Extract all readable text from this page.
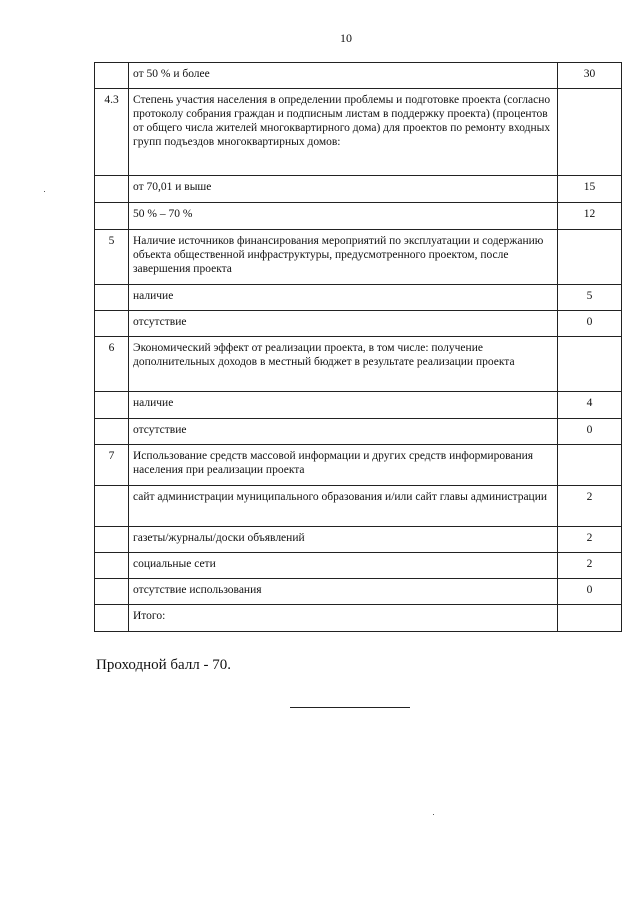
10
	от 50 % и более	30
4.3	Степень участия населения в определении проблемы и подготовке проекта (согласно протоколу собрания граждан и подписным листам в поддержку проекта) (процентов от общего числа жителей многоквартирного дома) для проектов по ремонту входных групп подъездов многоквартирных домов:	
	от 70,01 и выше	15
	50 % – 70 %	12
5	Наличие источников финансирования мероприятий по эксплуатации и содержанию объекта общественной инфраструктуры, предусмотренного проектом, после завершения проекта	
	наличие	5
	отсутствие	0
6	Экономический эффект от реализации проекта, в том числе: получение дополнительных доходов в местный бюджет в результате реализации проекта	
	наличие	4
	отсутствие	0
7	Использование средств массовой информации и других средств информирования населения при реализации проекта	
	сайт администрации муниципального образования и/или сайт главы администрации	2
	газеты/журналы/доски объявлений	2
	социальные сети	2
	отсутствие использования	0
	Итого:	
Проходной балл - 70.
